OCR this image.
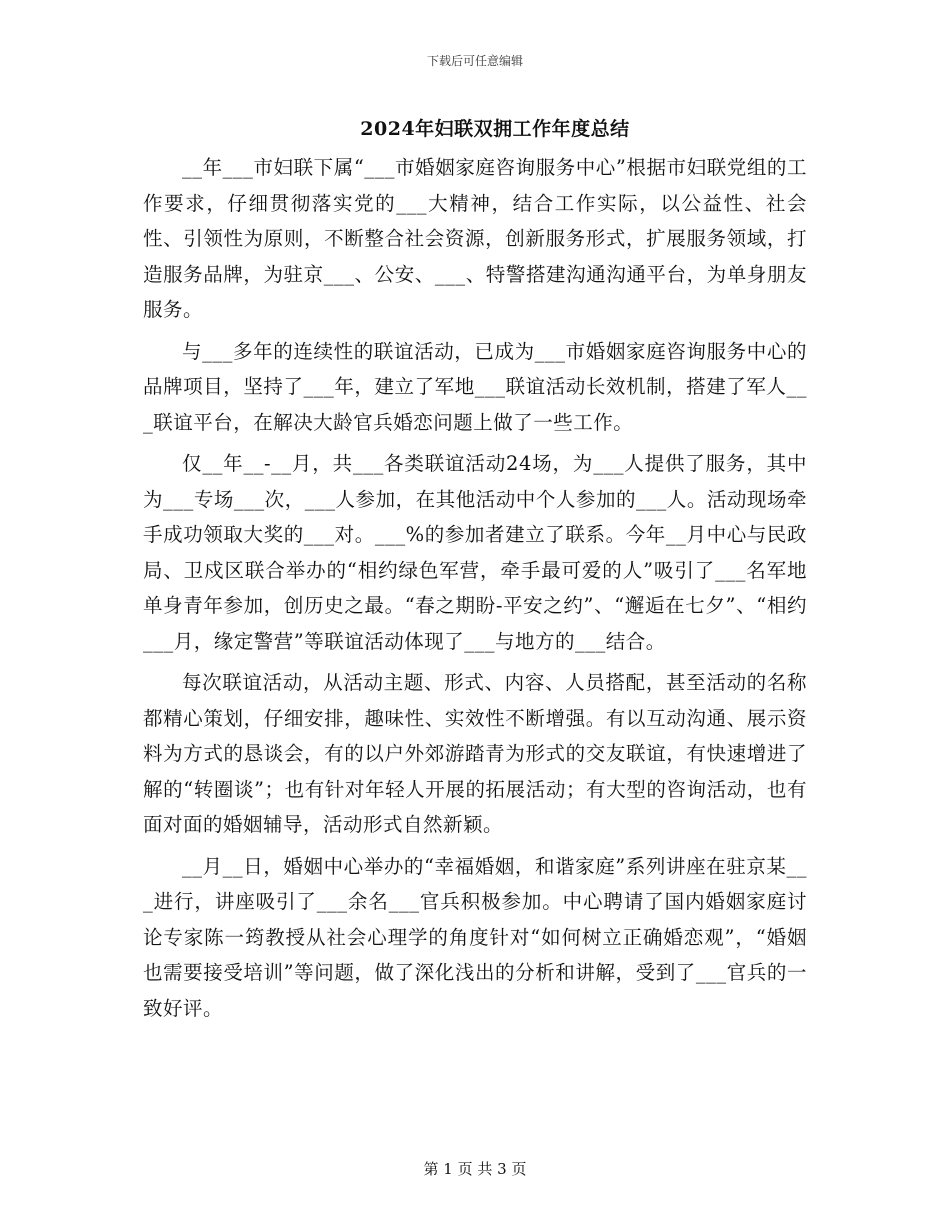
下载后可任意编辑
2024年妇联双拥工作年度总结

__年___市妇联下属“___市婚姻家庭咨询服务中心”根据市妇联党组的工作要求，仔细贯彻落实党的___大精神，结合工作实际，以公益性、社会性、引领性为原则，不断整合社会资源，创新服务形式，扩展服务领域，打造服务品牌，为驻京___、公安、___、特警搭建沟通沟通平台，为单身朋友服务。

与___多年的连续性的联谊活动，已成为___市婚姻家庭咨询服务中心的品牌项目，坚持了___年，建立了军地___联谊活动长效机制，搭建了军人___联谊平台，在解决大龄官兵婚恋问题上做了一些工作。

仅__年__-__月，共___各类联谊活动24场，为___人提供了服务，其中为___专场___次，___人参加，在其他活动中个人参加的___人。活动现场牵手成功领取大奖的___对。___%的参加者建立了联系。今年__月中心与民政局、卫戍区联合举办的“相约绿色军营，牵手最可爱的人”吸引了___名军地单身青年参加，创历史之最。“春之期盼-平安之约”、“邂逅在七夕”、“相约___月，缘定警营”等联谊活动体现了___与地方的___结合。

每次联谊活动，从活动主题、形式、内容、人员搭配，甚至活动的名称都精心策划，仔细安排，趣味性、实效性不断增强。有以互动沟通、展示资料为方式的恳谈会，有的以户外郊游踏青为形式的交友联谊，有快速增进了解的“转圈谈”；也有针对年轻人开展的拓展活动；有大型的咨询活动，也有面对面的婚姻辅导，活动形式自然新颖。

__月__日，婚姻中心举办的“幸福婚姻，和谐家庭”系列讲座在驻京某___进行，讲座吸引了___余名___官兵积极参加。中心聘请了国内婚姻家庭讨论专家陈一筠教授从社会心理学的角度针对“如何树立正确婚恋观”，“婚姻也需要接受培训”等问题，做了深化浅出的分析和讲解，受到了___官兵的一致好评。

第 1 页 共 3 页
